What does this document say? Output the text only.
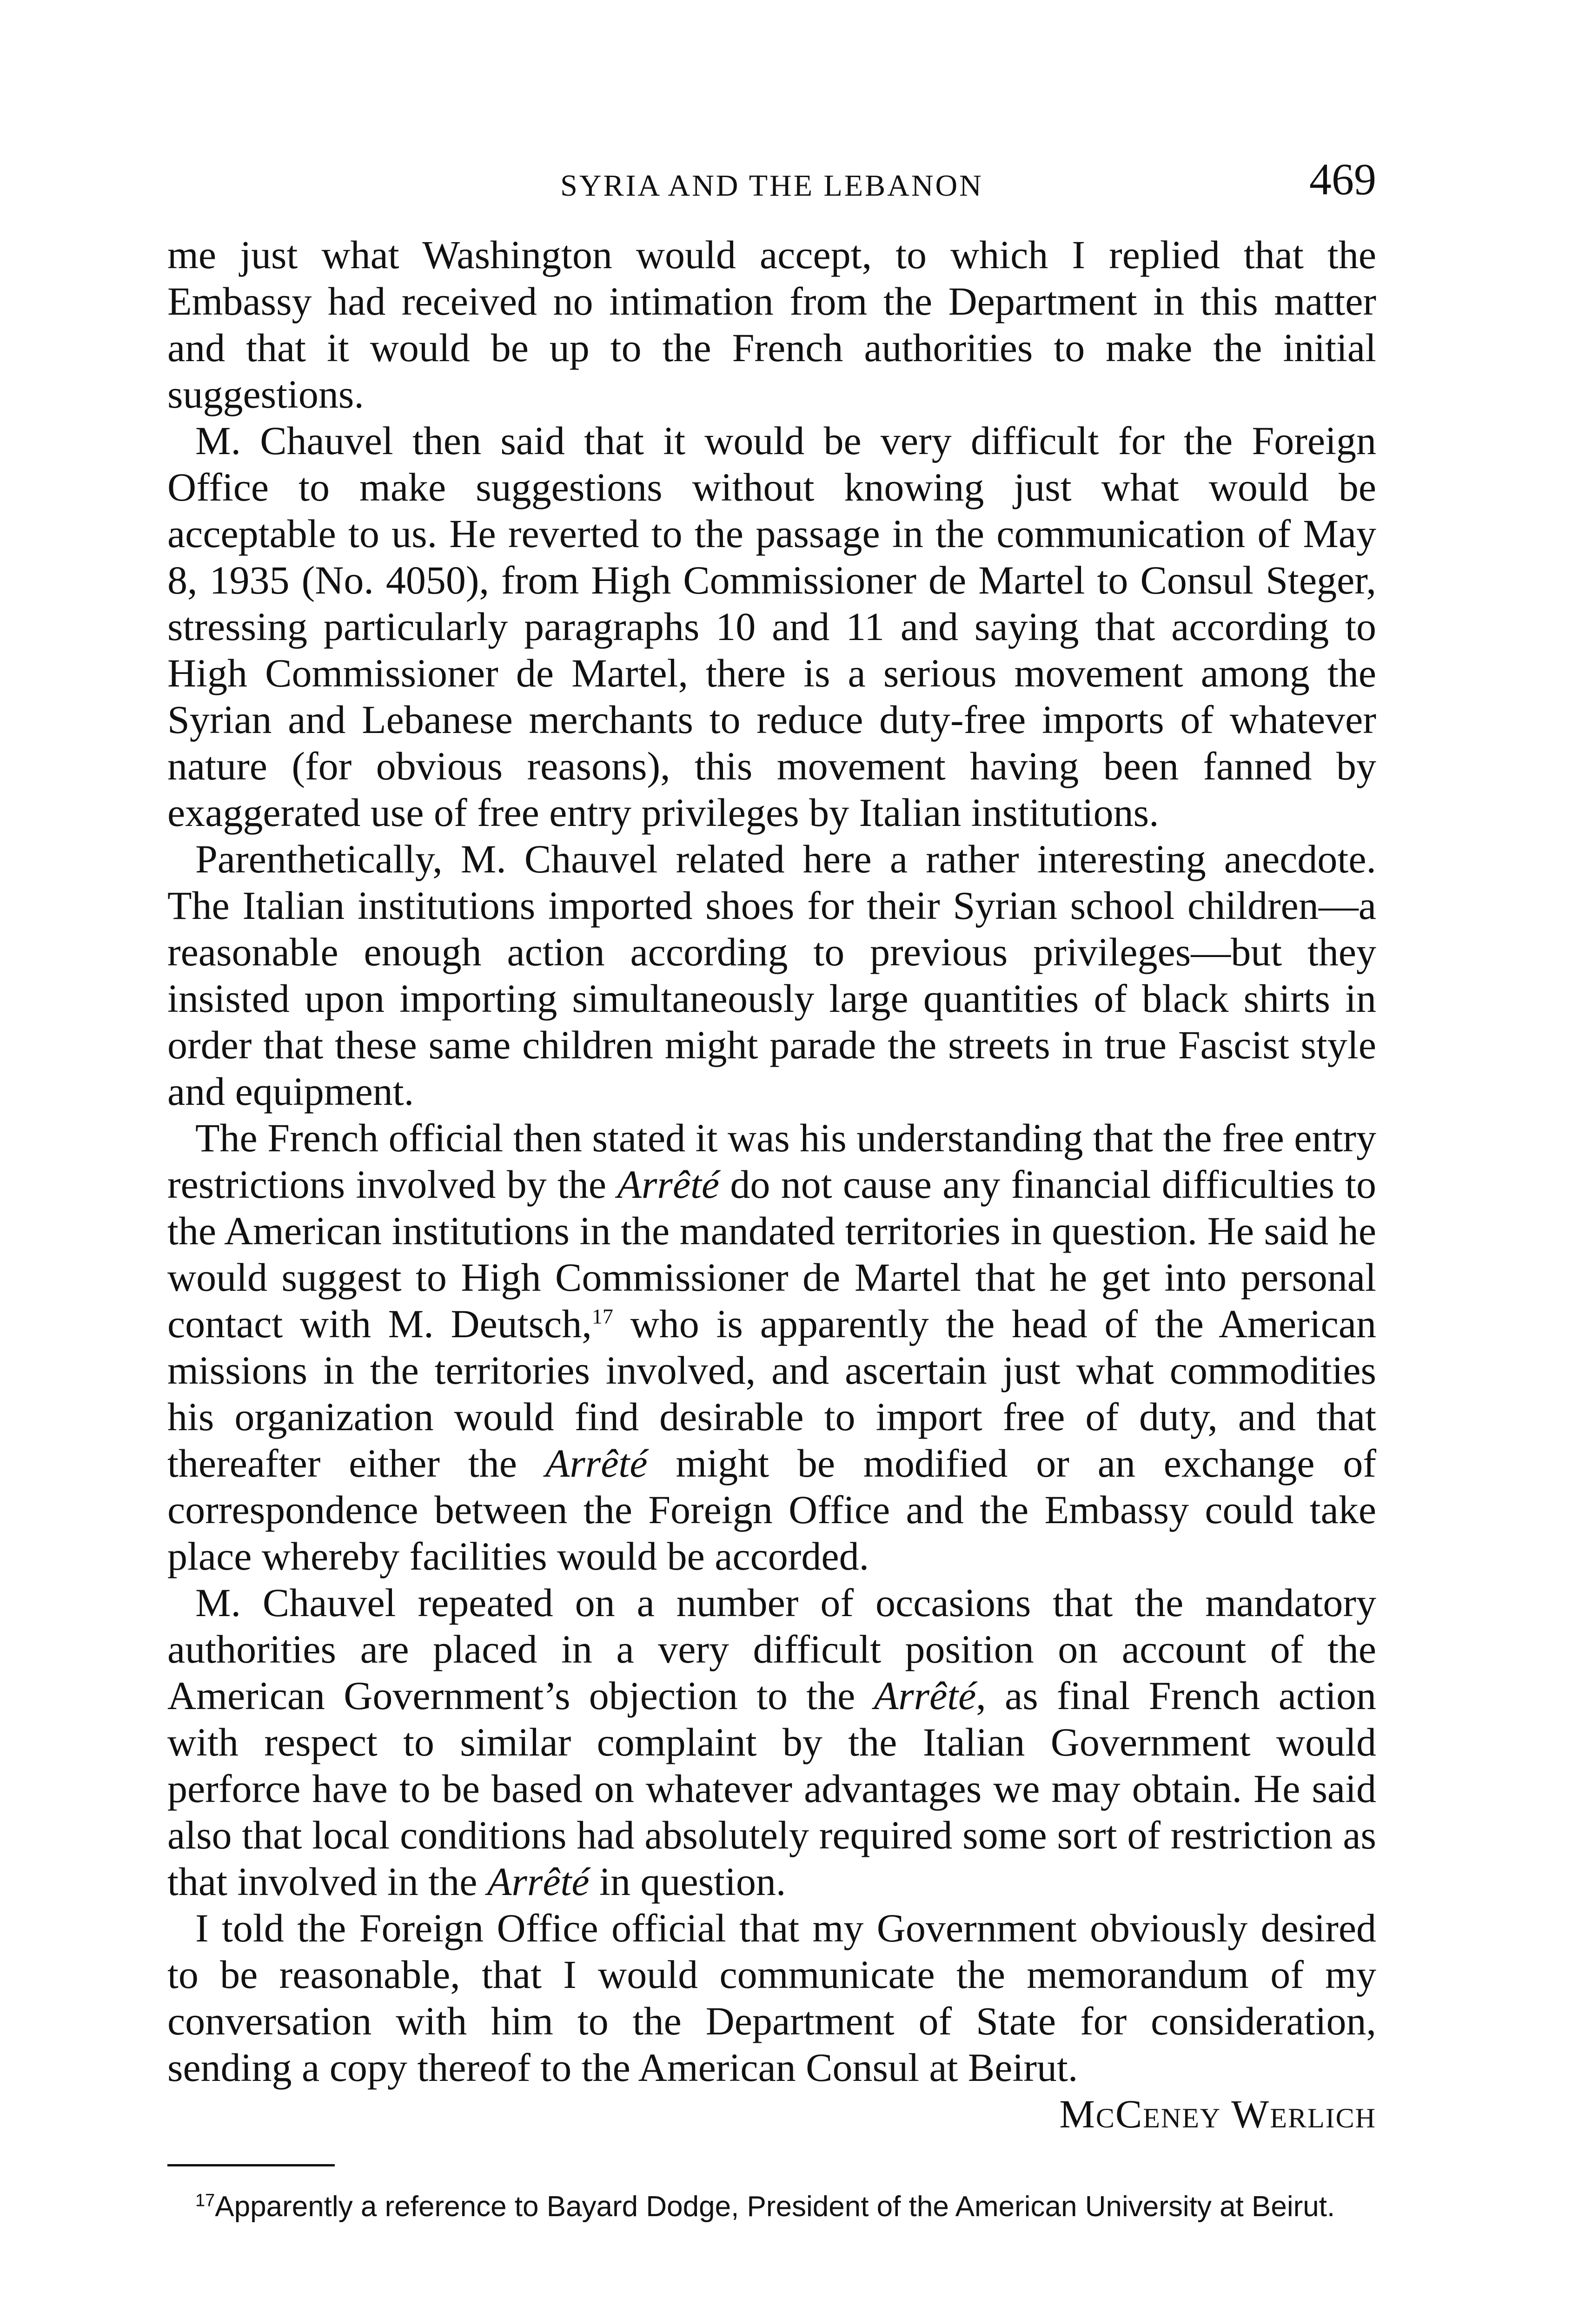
SYRIA AND THE LEBANON	469

me just what Washington would accept, to which I replied that the Embassy had received no intimation from the Department in this matter and that it would be up to the French authorities to make the initial suggestions.

M. Chauvel then said that it would be very difficult for the Foreign Office to make suggestions without knowing just what would be acceptable to us. He reverted to the passage in the communication of May 8, 1935 (No. 4050), from High Commissioner de Martel to Consul Steger, stressing particularly paragraphs 10 and 11 and saying that according to High Commissioner de Martel, there is a serious movement among the Syrian and Lebanese merchants to reduce duty-free imports of whatever nature (for obvious reasons), this movement having been fanned by exaggerated use of free entry privileges by Italian institutions.

Parenthetically, M. Chauvel related here a rather interesting anecdote. The Italian institutions imported shoes for their Syrian school children—a reasonable enough action according to previous privileges—but they insisted upon importing simultaneously large quantities of black shirts in order that these same children might parade the streets in true Fascist style and equipment.

The French official then stated it was his understanding that the free entry restrictions involved by the Arrêté do not cause any financial difficulties to the American institutions in the mandated territories in question. He said he would suggest to High Commissioner de Martel that he get into personal contact with M. Deutsch,$^{17}$ who is apparently the head of the American missions in the territories involved, and ascertain just what commodities his organization would find desirable to import free of duty, and that thereafter either the Arrêté might be modified or an exchange of correspondence between the Foreign Office and the Embassy could take place whereby facilities would be accorded.

M. Chauvel repeated on a number of occasions that the mandatory authorities are placed in a very difficult position on account of the American Government’s objection to the Arrêté, as final French action with respect to similar complaint by the Italian Government would perforce have to be based on whatever advantages we may obtain. He said also that local conditions had absolutely required some sort of restriction as that involved in the Arrêté in question.

I told the Foreign Office official that my Government obviously desired to be reasonable, that I would communicate the memorandum of my conversation with him to the Department of State for consideration, sending a copy thereof to the American Consul at Beirut.

McCeney Werlich
$^{17}$Apparently a reference to Bayard Dodge, President of the American University at Beirut.
